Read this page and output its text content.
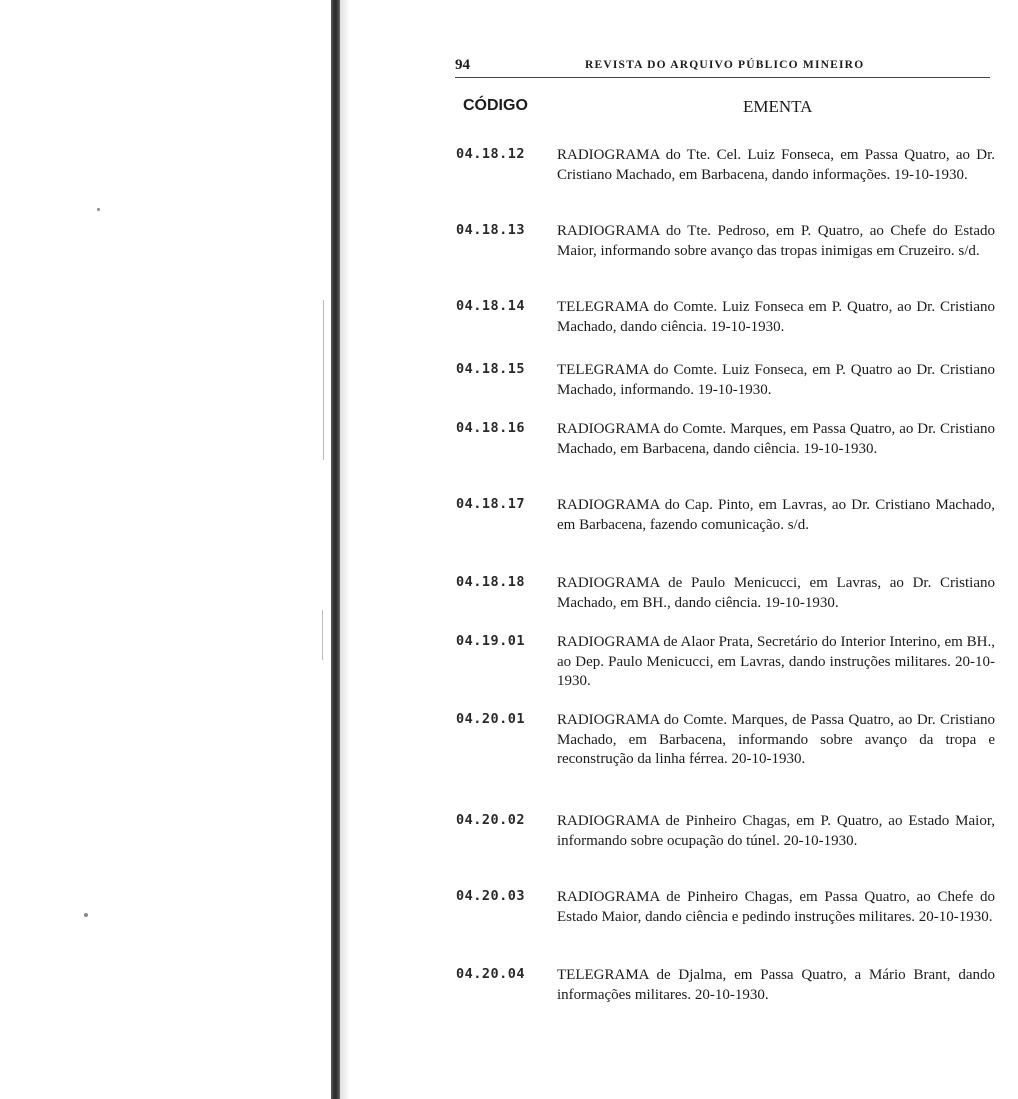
94	REVISTA DO ARQUIVO PÚBLICO MINEIRO
CÓDIGO	EMENTA
04.18.12 RADIOGRAMA do Tte. Cel. Luiz Fonseca, em Passa Quatro, ao Dr. Cristiano Machado, em Barbacena, dando informações. 19-10-1930.
04.18.13 RADIOGRAMA do Tte. Pedroso, em P. Quatro, ao Chefe do Estado Maior, informando sobre avanço das tropas inimigas em Cruzeiro. s/d.
04.18.14 TELEGRAMA do Comte. Luiz Fonseca em P. Quatro, ao Dr. Cristiano Machado, dando ciência. 19-10-1930.
04.18.15 TELEGRAMA do Comte. Luiz Fonseca, em P. Quatro ao Dr. Cristiano Machado, informando. 19-10-1930.
04.18.16 RADIOGRAMA do Comte. Marques, em Passa Quatro, ao Dr. Cristiano Machado, em Barbacena, dando ciência. 19-10-1930.
04.18.17 RADIOGRAMA do Cap. Pinto, em Lavras, ao Dr. Cristiano Machado, em Barbacena, fazendo comunicação. s/d.
04.18.18 RADIOGRAMA de Paulo Menicucci, em Lavras, ao Dr. Cristiano Machado, em BH., dando ciência. 19-10-1930.
04.19.01 RADIOGRAMA de Alaor Prata, Secretário do Interior Interino, em BH., ao Dep. Paulo Menicucci, em Lavras, dando instruções militares. 20-10-1930.
04.20.01 RADIOGRAMA do Comte. Marques, de Passa Quatro, ao Dr. Cristiano Machado, em Barbacena, informando sobre avanço da tropa e reconstrução da linha férrea. 20-10-1930.
04.20.02 RADIOGRAMA de Pinheiro Chagas, em P. Quatro, ao Estado Maior, informando sobre ocupação do túnel. 20-10-1930.
04.20.03 RADIOGRAMA de Pinheiro Chagas, em Passa Quatro, ao Chefe do Estado Maior, dando ciência e pedindo instruções militares. 20-10-1930.
04.20.04 TELEGRAMA de Djalma, em Passa Quatro, a Mário Brant, dando informações militares. 20-10-1930.
